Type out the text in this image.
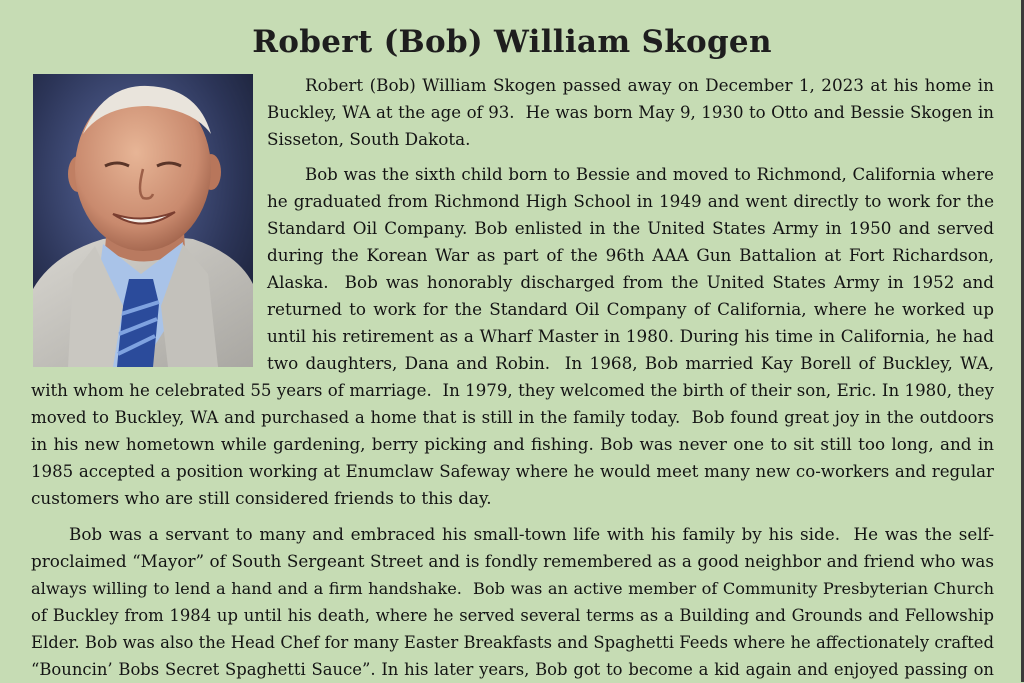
Robert (Bob) William Skogen
Robert (Bob) William Skogen passed away on December 1, 2023 at his home in
Buckley, WA at the age of 93.  He was born May 9, 1930 to Otto and Bessie Skogen in
Sisseton, South Dakota.
Bob was the sixth child born to Bessie and moved to Richmond, California where
he graduated from Richmond High School in 1949 and went directly to work for the
Standard Oil Company. Bob enlisted in the United States Army in 1950 and served
during the Korean War as part of the 96th AAA Gun Battalion at Fort Richardson,
Alaska.  Bob was honorably discharged from the United States Army in 1952 and
returned to work for the Standard Oil Company of California, where he worked up
until his retirement as a Wharf Master in 1980. During his time in California, he had
two daughters, Dana and Robin.  In 1968, Bob married Kay Borell of Buckley, WA,
with whom he celebrated 55 years of marriage.  In 1979, they welcomed the birth of their son, Eric. In 1980, they
moved to Buckley, WA and purchased a home that is still in the family today.  Bob found great joy in the outdoors
in his new hometown while gardening, berry picking and fishing. Bob was never one to sit still too long, and in
1985 accepted a position working at Enumclaw Safeway where he would meet many new co-workers and regular
customers who are still considered friends to this day.
Bob was a servant to many and embraced his small-town life with his family by his side.  He was the self-
proclaimed “Mayor” of South Sergeant Street and is fondly remembered as a good neighbor and friend who was
always willing to lend a hand and a firm handshake.  Bob was an active member of Community Presbyterian Church
of Buckley from 1984 up until his death, where he served several terms as a Building and Grounds and Fellowship
Elder. Bob was also the Head Chef for many Easter Breakfasts and Spaghetti Feeds where he affectionately crafted
“Bouncin’ Bobs Secret Spaghetti Sauce”. In his later years, Bob got to become a kid again and enjoyed passing on
